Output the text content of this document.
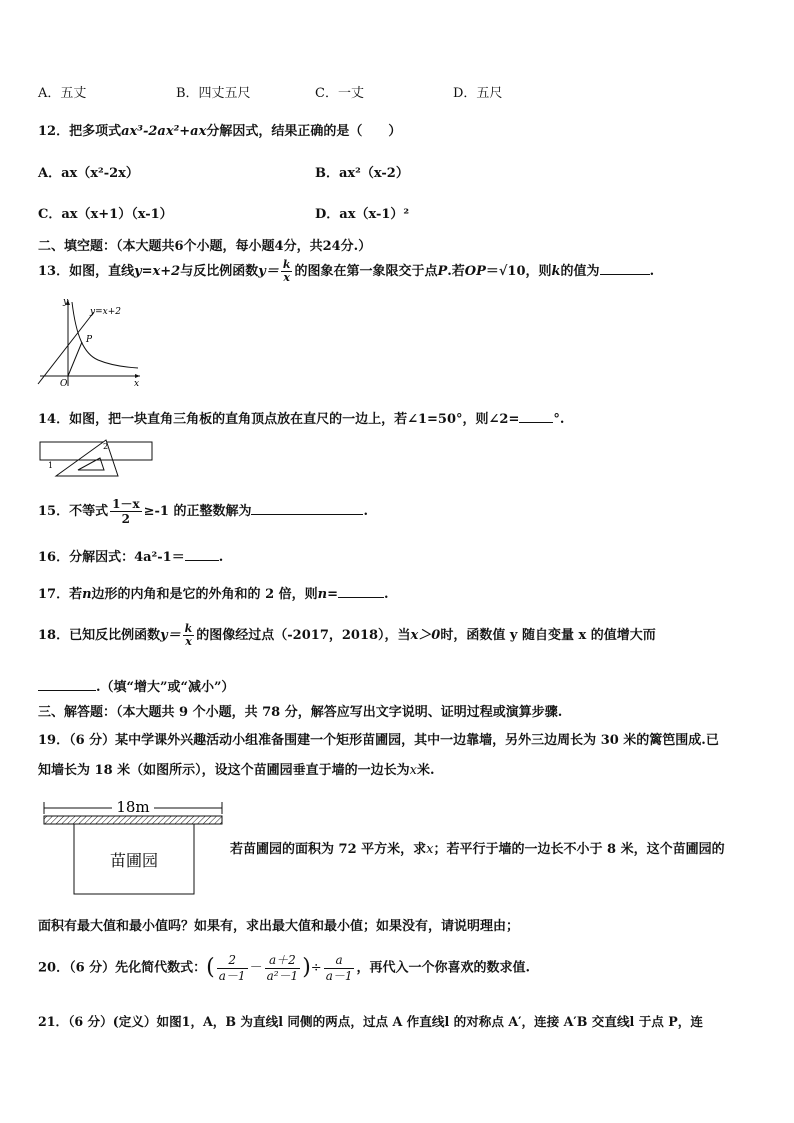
A．五丈	B．四丈五尺	C．一丈	D．五尺
12．把多项式ax³-2ax²+ax分解因式，结果正确的是（　　）
A．ax（x²-2x）	B．ax²（x-2）
C．ax（x+1）（x-1）	D．ax（x-1）²
二、填空题：（本大题共6个小题，每小题4分，共24分.）
13．如图，直线y=x+2与反比例函数$y= \frac{k}{x}$ 的图象在第一象限交于点P.若OP＝√10，则k的值为	.
y
x
O
P
y=x+2
14．如图，把一块直角三角板的直角顶点放在直尺的一边上，若∠1=50°，则∠2=	°.
1
2
15．不等式 $\frac{1-x}{2} \ge-1$ 的正整数解为	.
16．分解因式：4a²-1＝	.
17．若n边形的内角和是它的外角和的 2 倍，则n=	.
18．已知反比例函数$y= \frac{k}{x}$ 的图像经过点（-2017，2018），当x＞0时，函数值 y 随自变量 x 的值增大而
.（填“增大”或“减小”）
三、解答题：（本大题共 9 个小题，共 78 分，解答应写出文字说明、证明过程或演算步骤.
19．（6 分）某中学课外兴趣活动小组准备围建一个矩形苗圃园，其中一边靠墙，另外三边周长为 30 米的篱笆围成.已
知墙长为 18 米（如图所示），设这个苗圃园垂直于墙的一边长为x米.
18m
苗圃园
若苗圃园的面积为 72 平方米，求x；若平行于墙的一边长不小于 8 米，这个苗圃园的
面积有最大值和最小值吗？如果有，求出最大值和最小值；如果没有，请说明理由；
20．（6 分）先化简代数式：( $\frac{2}{a-1} - \frac{a+2}{\text{a²－1}}$ )÷ $\frac{a}{a-1}$ ，再代入一个你喜欢的数求值.
21．（6 分）(定义）如图1，A，B 为直线l 同侧的两点，过点 A 作直线l 的对称点 A′，连接 A′B 交直线l 于点 P，连
